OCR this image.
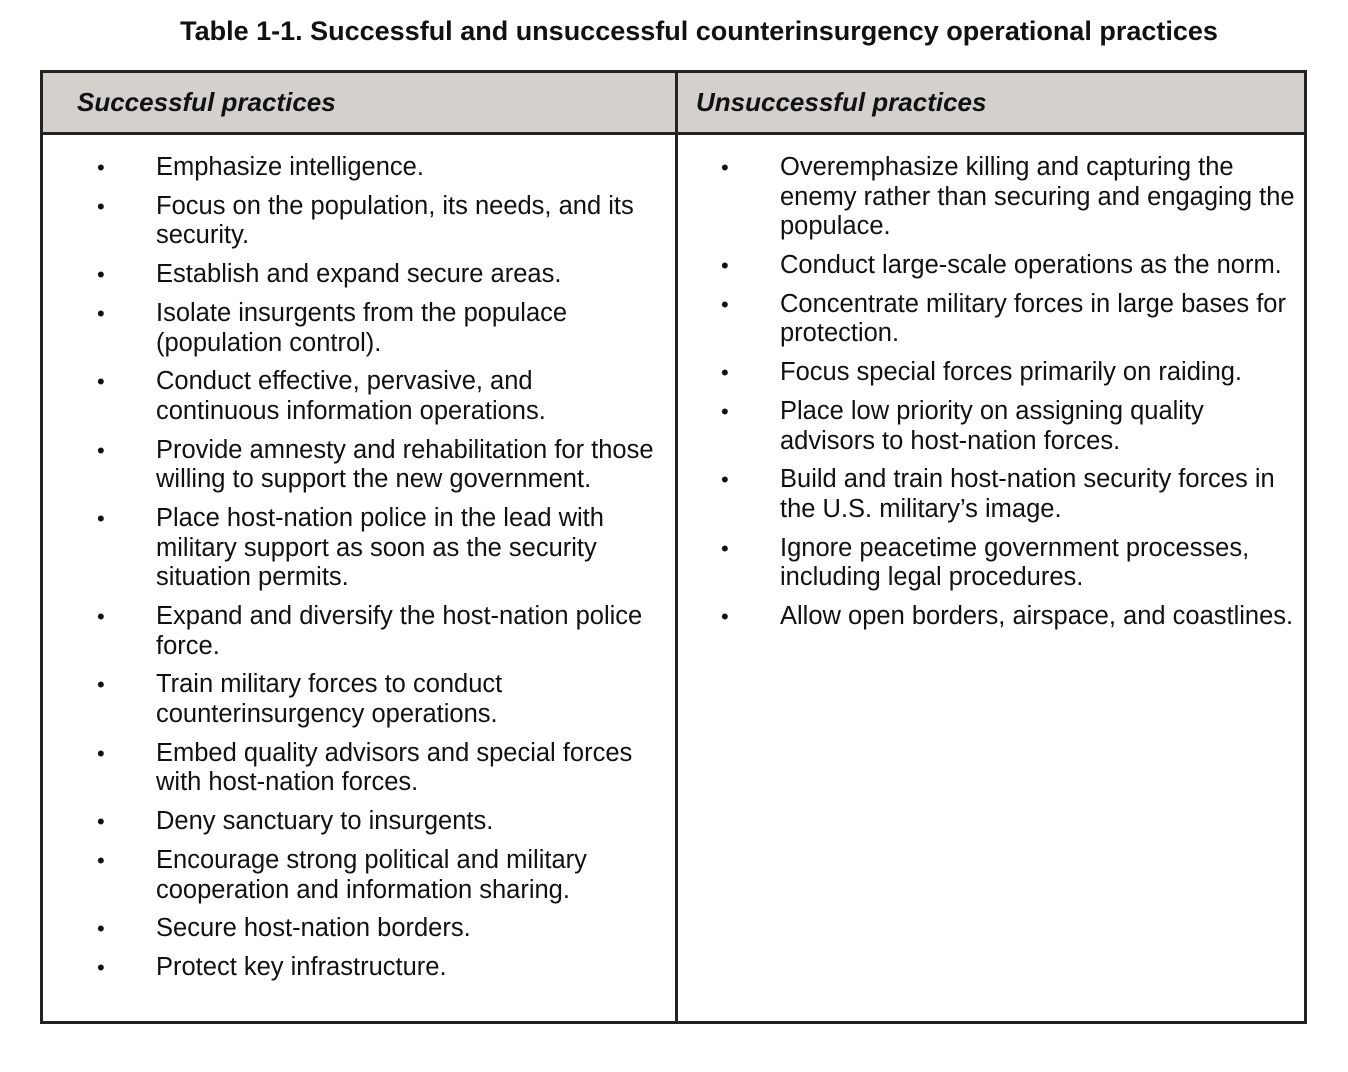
Table 1-1. Successful and unsuccessful counterinsurgency operational practices
Successful practices	Unsuccessful practices
• Emphasize intelligence.
• Focus on the population, its needs, and its security.
• Establish and expand secure areas.
• Isolate insurgents from the populace (population control).
• Conduct effective, pervasive, and continuous information operations.
• Provide amnesty and rehabilitation for those willing to support the new government.
• Place host-nation police in the lead with military support as soon as the security situation permits.
• Expand and diversify the host-nation police force.
• Train military forces to conduct counterinsurgency operations.
• Embed quality advisors and special forces with host-nation forces.
• Deny sanctuary to insurgents.
• Encourage strong political and military cooperation and information sharing.
• Secure host-nation borders.
• Protect key infrastructure.
• Overemphasize killing and capturing the enemy rather than securing and engaging the populace.
• Conduct large-scale operations as the norm.
• Concentrate military forces in large bases for protection.
• Focus special forces primarily on raiding.
• Place low priority on assigning quality advisors to host-nation forces.
• Build and train host-nation security forces in the U.S. military’s image.
• Ignore peacetime government processes, including legal procedures.
• Allow open borders, airspace, and coastlines.
